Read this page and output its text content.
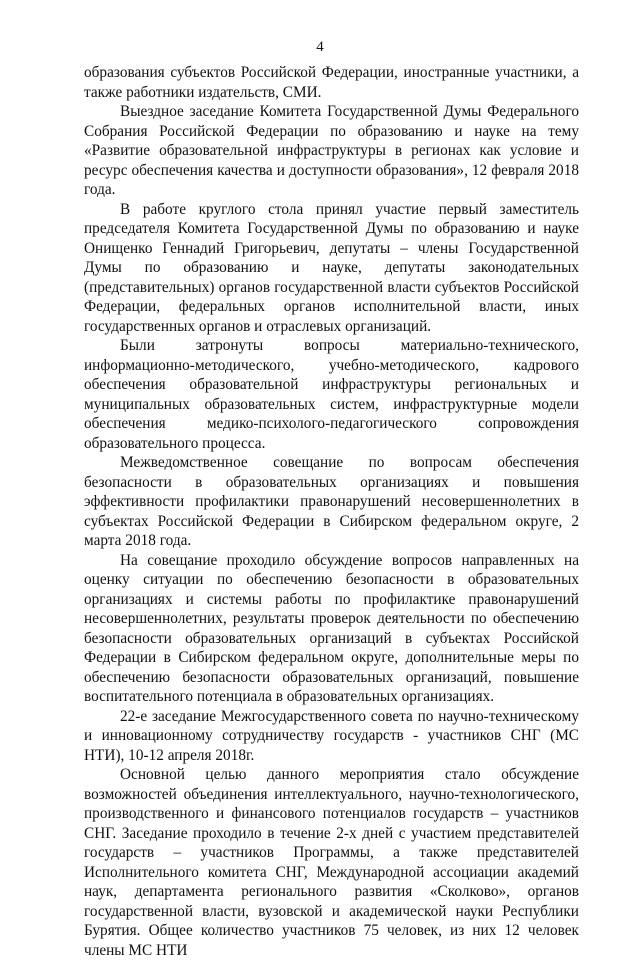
4

образования субъектов Российской Федерации, иностранные участники, а также работники издательств, СМИ.

Выездное заседание Комитета Государственной Думы Федерального Собрания Российской Федерации по образованию и науке на тему «Развитие образовательной инфраструктуры в регионах как условие и ресурс обеспечения качества и доступности образования», 12 февраля 2018 года.

В работе круглого стола принял участие первый заместитель председателя Комитета Государственной Думы по образованию и науке Онищенко Геннадий Григорьевич, депутаты – члены Государственной Думы по образованию и науке, депутаты законодательных (представительных) органов государственной власти субъектов Российской Федерации, федеральных органов исполнительной власти, иных государственных органов и отраслевых организаций.

Были затронуты вопросы материально-технического, информационно-методического, учебно-методического, кадрового обеспечения образовательной инфраструктуры региональных и муниципальных образовательных систем, инфраструктурные модели обеспечения медико-психолого-педагогического сопровождения образовательного процесса.

Межведомственное совещание по вопросам обеспечения безопасности в образовательных организациях и повышения эффективности профилактики правонарушений несовершеннолетних в субъектах Российской Федерации в Сибирском федеральном округе, 2 марта 2018 года.

На совещание проходило обсуждение вопросов направленных на оценку ситуации по обеспечению безопасности в образовательных организациях и системы работы по профилактике правонарушений несовершеннолетних, результаты проверок деятельности по обеспечению безопасности образовательных организаций в субъектах Российской Федерации в Сибирском федеральном округе, дополнительные меры по обеспечению безопасности образовательных организаций, повышение воспитательного потенциала в образовательных организациях.

22-е заседание Межгосударственного совета по научно-техническому и инновационному сотрудничеству государств - участников СНГ (МС НТИ), 10-12 апреля 2018г.

Основной целью данного мероприятия стало обсуждение возможностей объединения интеллектуального, научно-технологического, производственного и финансового потенциалов государств – участников СНГ. Заседание проходило в течение 2-х дней с участием представителей государств – участников Программы, а также представителей Исполнительного комитета СНГ, Международной ассоциации академий наук, департамента регионального развития «Сколково», органов государственной власти, вузовской и академической науки Республики Бурятия. Общее количество участников 75 человек, из них 12 человек члены МС НТИ
